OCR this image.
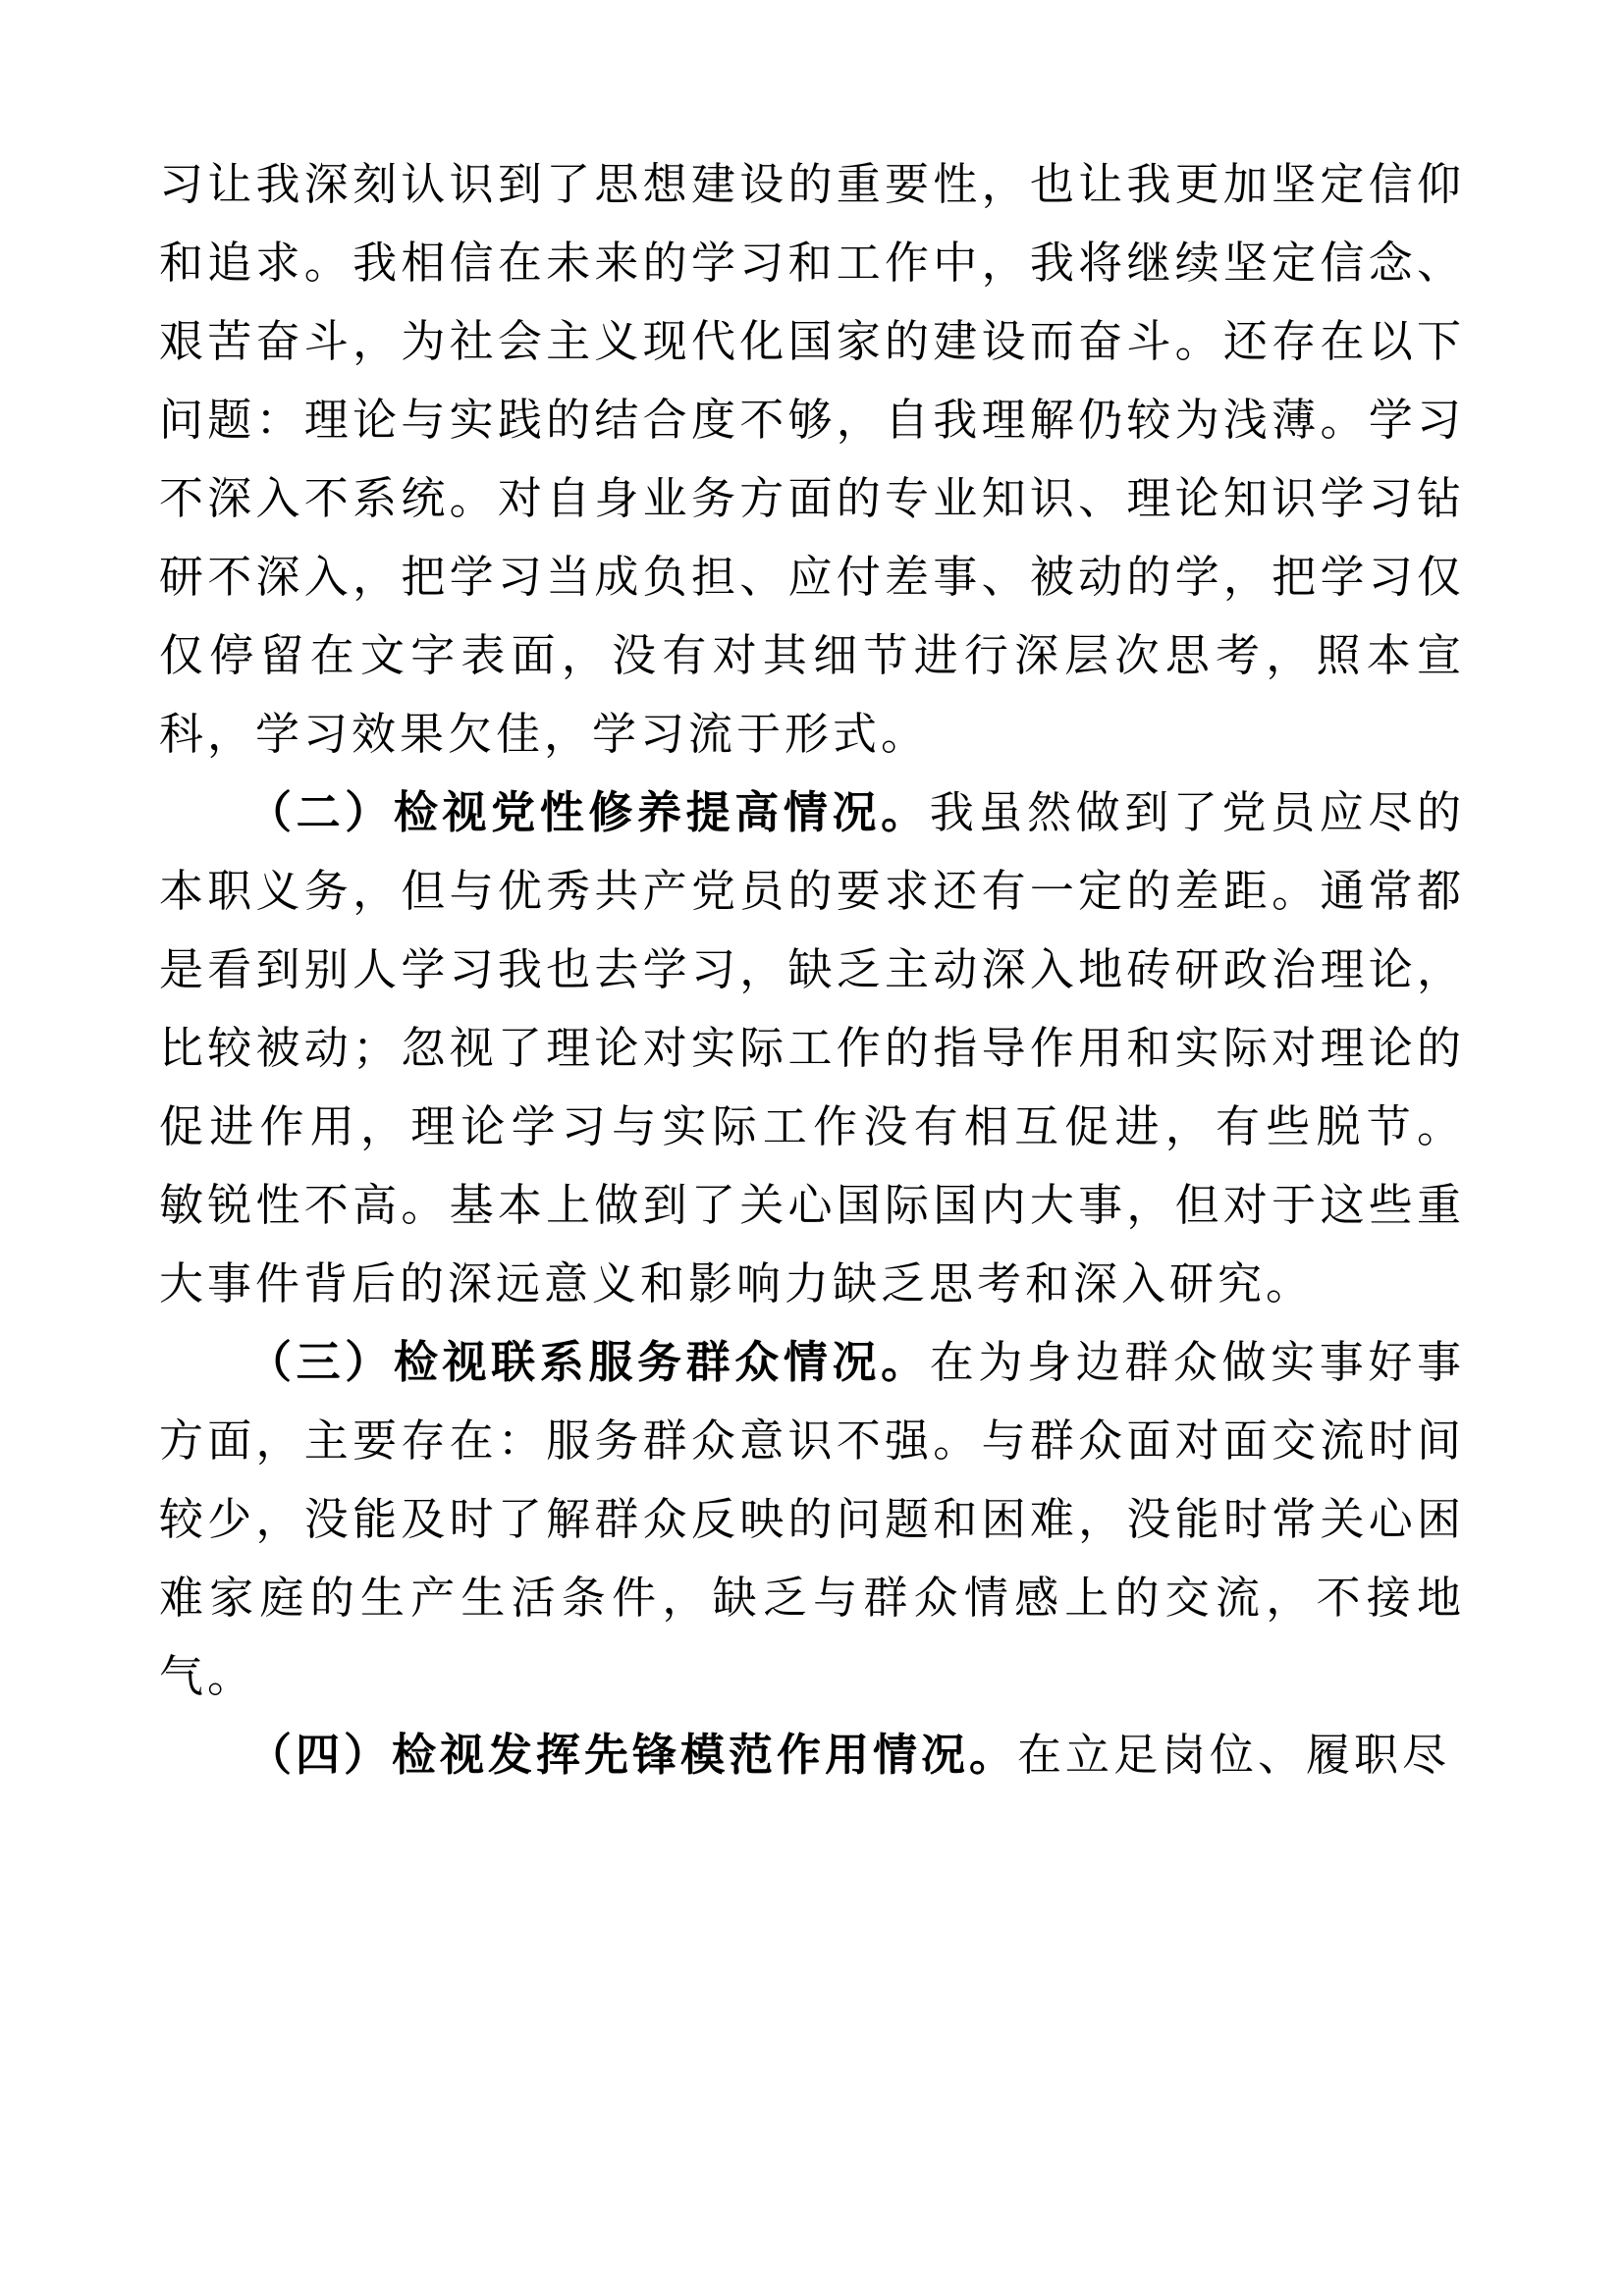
习让我深刻认识到了思想建设的重要性，也让我更加坚定信仰和追求。我相信在未来的学习和工作中，我将继续坚定信念、艰苦奋斗，为社会主义现代化国家的建设而奋斗。还存在以下问题：理论与实践的结合度不够，自我理解仍较为浅薄。学习不深入不系统。对自身业务方面的专业知识、理论知识学习钻研不深入，把学习当成负担、应付差事、被动的学，把学习仅仅停留在文字表面，没有对其细节进行深层次思考，照本宣科，学习效果欠佳，学习流于形式。

（二）检视党性修养提高情况。我虽然做到了党员应尽的本职义务，但与优秀共产党员的要求还有一定的差距。通常都是看到别人学习我也去学习，缺乏主动深入地砖研政治理论，比较被动；忽视了理论对实际工作的指导作用和实际对理论的促进作用，理论学习与实际工作没有相互促进，有些脱节。 敏锐性不高。基本上做到了关心国际国内大事，但对于这些重大事件背后的深远意义和影响力缺乏思考和深入研究。

（三）检视联系服务群众情况。在为身边群众做实事好事方面，主要存在：服务群众意识不强。与群众面对面交流时间较少，没能及时了解群众反映的问题和困难，没能时常关心困难家庭的生产生活条件，缺乏与群众情感上的交流，不接地气。

（四）检视发挥先锋模范作用情况。在立足岗位、履职尽
